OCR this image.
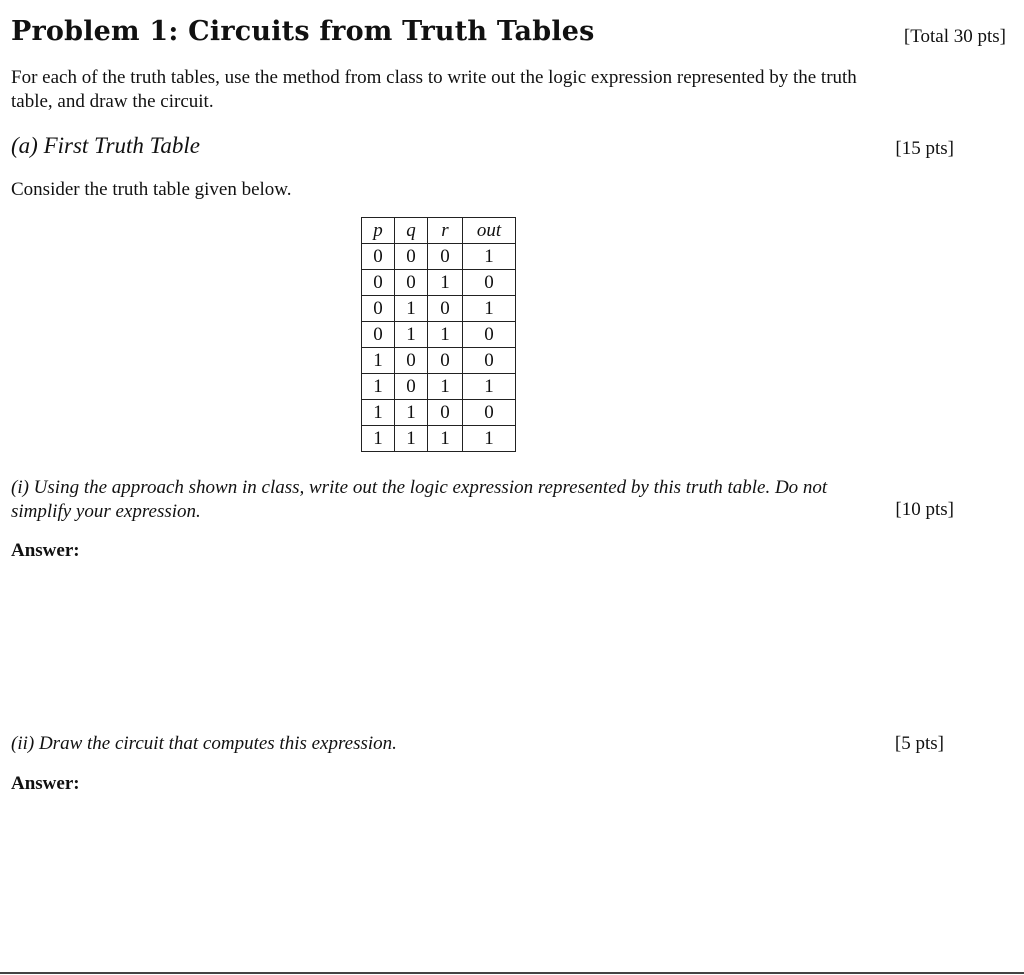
Problem 1: Circuits from Truth Tables	[Total 30 pts]

For each of the truth tables, use the method from class to write out the logic expression represented by the truth table, and draw the circuit.

(a) First Truth Table	[15 pts]

Consider the truth table given below.

p	q	r	out
0	0	0	1
0	0	1	0
0	1	0	1
0	1	1	0
1	0	0	0
1	0	1	1
1	1	0	0
1	1	1	1

(i) Using the approach shown in class, write out the logic expression represented by this truth table. Do not simplify your expression.	[10 pts]
Answer:

(ii) Draw the circuit that computes this expression.	[5 pts]
Answer:
